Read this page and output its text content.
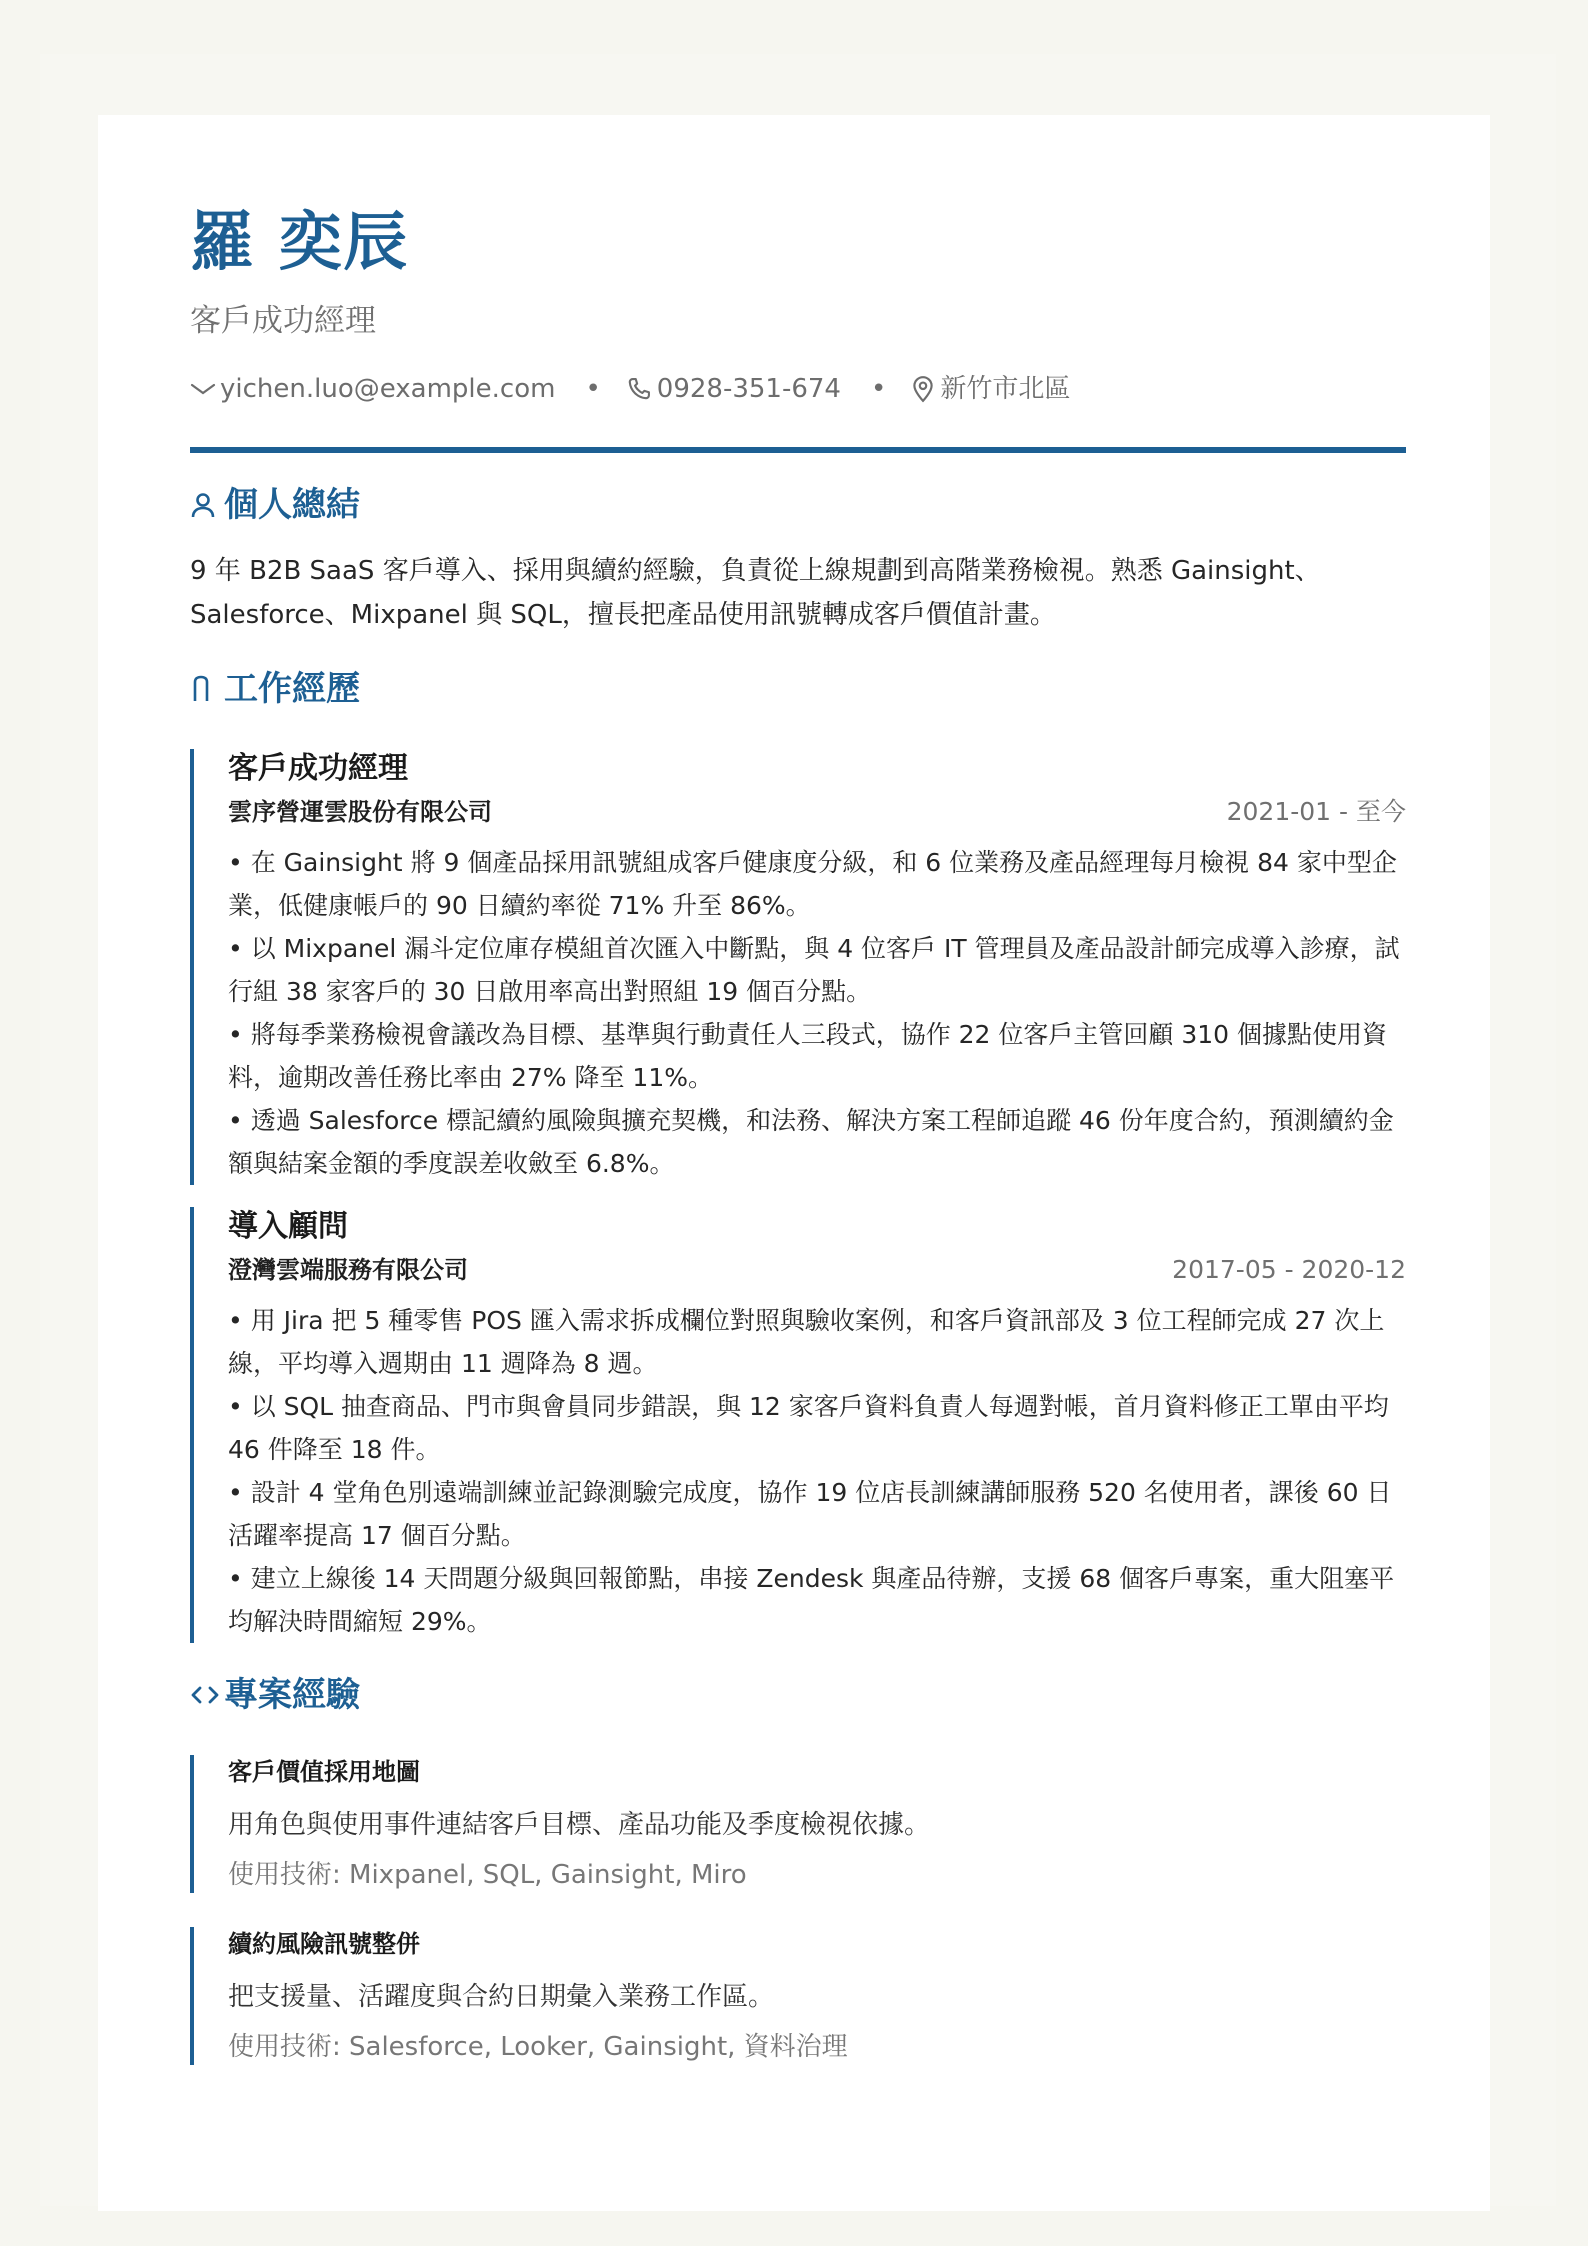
羅 奕辰
客戶成功經理
yichen.luo@example.com • 0928-351-674 • 新竹市北區
個人總結
9 年 B2B SaaS 客戶導入、採用與續約經驗，負責從上線規劃到高階業務檢視。熟悉 Gainsight、Salesforce、Mixpanel 與 SQL，擅長把產品使用訊號轉成客戶價值計畫。
工作經歷
客戶成功經理
雲序營運雲股份有限公司	2021-01 - 至今
• 在 Gainsight 將 9 個產品採用訊號組成客戶健康度分級，和 6 位業務及產品經理每月檢視 84 家中型企業，低健康帳戶的 90 日續約率從 71% 升至 86%。
• 以 Mixpanel 漏斗定位庫存模組首次匯入中斷點，與 4 位客戶 IT 管理員及產品設計師完成導入診療，試行組 38 家客戶的 30 日啟用率高出對照組 19 個百分點。
• 將每季業務檢視會議改為目標、基準與行動責任人三段式，協作 22 位客戶主管回顧 310 個據點使用資料，逾期改善任務比率由 27% 降至 11%。
• 透過 Salesforce 標記續約風險與擴充契機，和法務、解決方案工程師追蹤 46 份年度合約，預測續約金額與結案金額的季度誤差收斂至 6.8%。
導入顧問
澄灣雲端服務有限公司	2017-05 - 2020-12
• 用 Jira 把 5 種零售 POS 匯入需求拆成欄位對照與驗收案例，和客戶資訊部及 3 位工程師完成 27 次上線，平均導入週期由 11 週降為 8 週。
• 以 SQL 抽查商品、門市與會員同步錯誤，與 12 家客戶資料負責人每週對帳，首月資料修正工單由平均 46 件降至 18 件。
• 設計 4 堂角色別遠端訓練並記錄測驗完成度，協作 19 位店長訓練講師服務 520 名使用者，課後 60 日活躍率提高 17 個百分點。
• 建立上線後 14 天問題分級與回報節點，串接 Zendesk 與產品待辦，支援 68 個客戶專案，重大阻塞平均解決時間縮短 29%。
專案經驗
客戶價值採用地圖
用角色與使用事件連結客戶目標、產品功能及季度檢視依據。
使用技術: Mixpanel, SQL, Gainsight, Miro
續約風險訊號整併
把支援量、活躍度與合約日期彙入業務工作區。
使用技術: Salesforce, Looker, Gainsight, 資料治理
